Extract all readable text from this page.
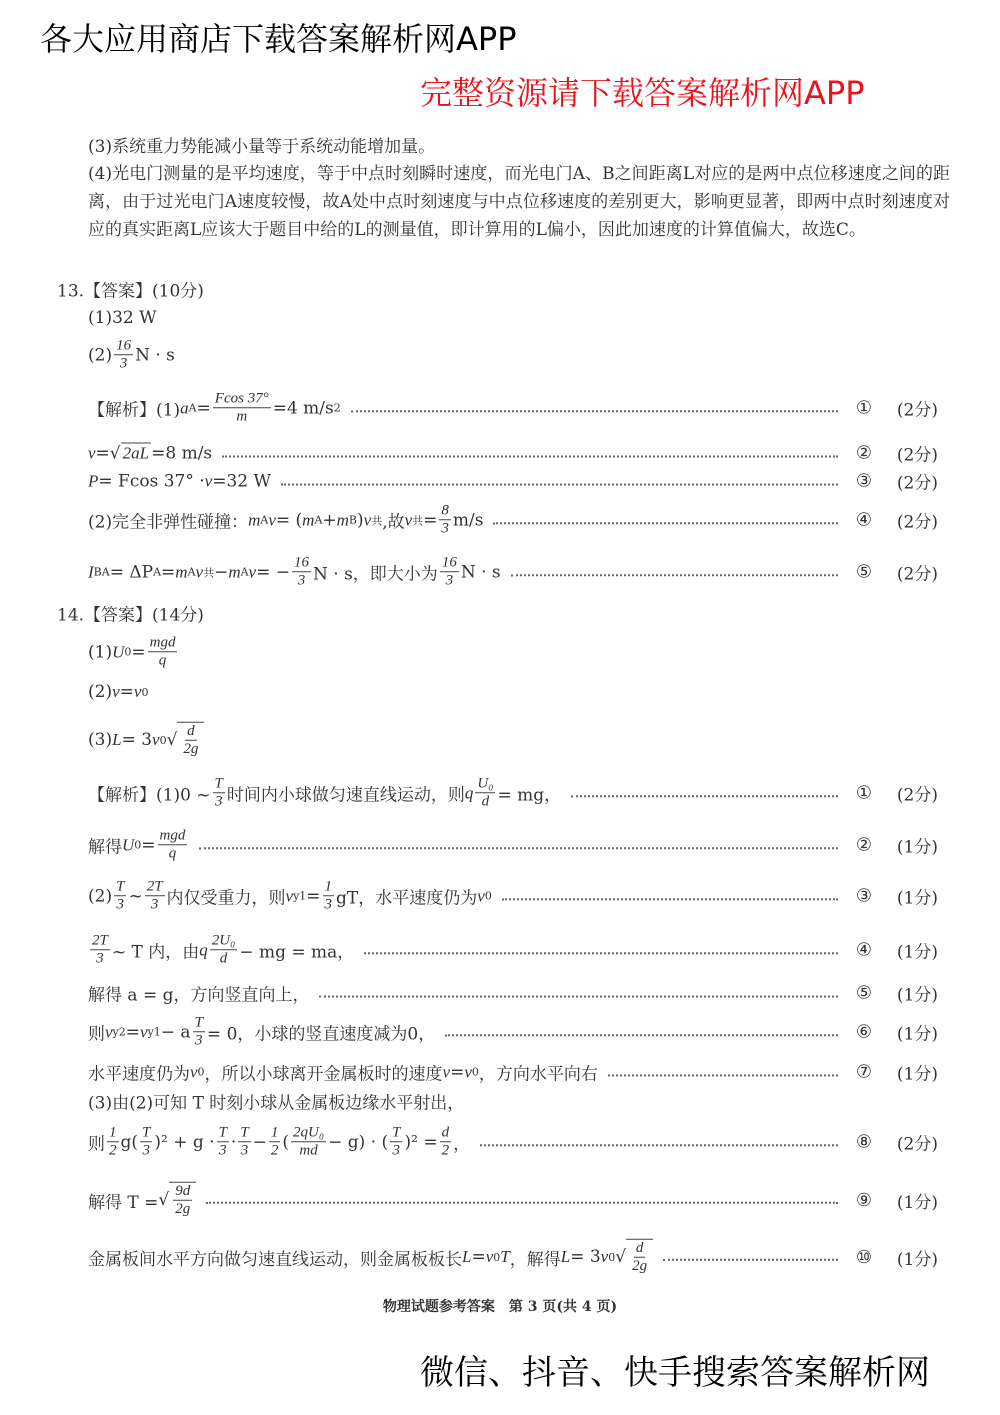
(3)系统重力势能减小量等于系统动能增加量。
(4)光电门测量的是平均速度，等于中点时刻瞬时速度，而光电门A、B之间距离L对应的是两中点位移速度之间的距离，由于过光电门A速度较慢，故A处中点时刻速度与中点位移速度的差别更大，影响更显著，即两中点时刻速度对应的真实距离L应该大于题目中给的L的测量值，即计算用的L偏小，因此加速度的计算值偏大，故选C。
13.【答案】(10分)
(1)32 W
$(2) \frac{16}{3}$ N · s
【解析】(1) a $A = \frac{Fcos 37^\circ}{m} =4$ m/s 2	①	(2分)
v = √ 2aL =8 m/s	②	(2分)
P = Fcos 37° · v =32 W	③	(2分)
(2)完全非弹性碰撞： m A v = ( m A + m B ) v 共 ,故 v 共 = $\frac{8}{3} m/s$	④	(2分)
I BA = ΔP A = m A v 共 − m A v = − $\frac{16}{3}$ N · s，即大小为 $\frac{16}{3}$ N · s	⑤	(2分)
14.【答案】(14分)
(1) U $0 = \frac{\text{mgd}}{q}$
(2) v = v 0
(3) L = 3 v 0 √ $\frac{d}{2g}$
【解析】(1)0 ~ $\frac{T}{3}$ 时间内小球做匀速直线运动，则 q $\frac{\text{U₀}}{d}$ = mg，	①	(2分)
解得 U $0 = \frac{\text{mgd}}{q}$	②	(1分)
$(2) \frac{T}{3}$ ~ $\frac{2T}{3}$ 内仅受重力，则 v $y1 = \frac{1}{3}$ gT，水平速度仍为 v 0	③	(1分)
$\frac{2T}{3}$ ~ T 内，由 q $\frac{\text{2U₀}}{d}$ − mg = ma，	④	(1分)
解得 a = g，方向竖直向上，	⑤	(1分)
则 v y2 = v y1 − a $\frac{T}{3} = 0$，小球的竖直速度减为0，	⑥	(1分)
水平速度仍为 v 0 ，所以小球离开金属板时的速度 v = v 0 ，方向水平向右	⑦	(1分)
(3)由(2)可知 T 时刻小球从金属板边缘水平射出，
则 $\frac{1}{2} g( \frac{T}{3} )^2 + g \cdot \frac{T}{3} \cdot \frac{T}{3} - \frac{1}{2}$ ( $\frac{\text{2qU₀}}{md} - g$) · ( $\frac{T}{3} )^2 = \frac{d}{2}$ ，	⑧	(2分)
解得 T = √ $\frac{9d}{2g}$	⑨	(1分)
金属板间水平方向做匀速直线运动，则金属板板长 L = v 0 T ，解得 L = 3 v 0 √ $\frac{d}{2g}$	⑩	(1分)
物理试题参考答案　第 3 页(共 4 页)
各大应用商店下载答案解析网APP
完整资源请下载答案解析网APP
微信、抖音、快手搜索答案解析网
